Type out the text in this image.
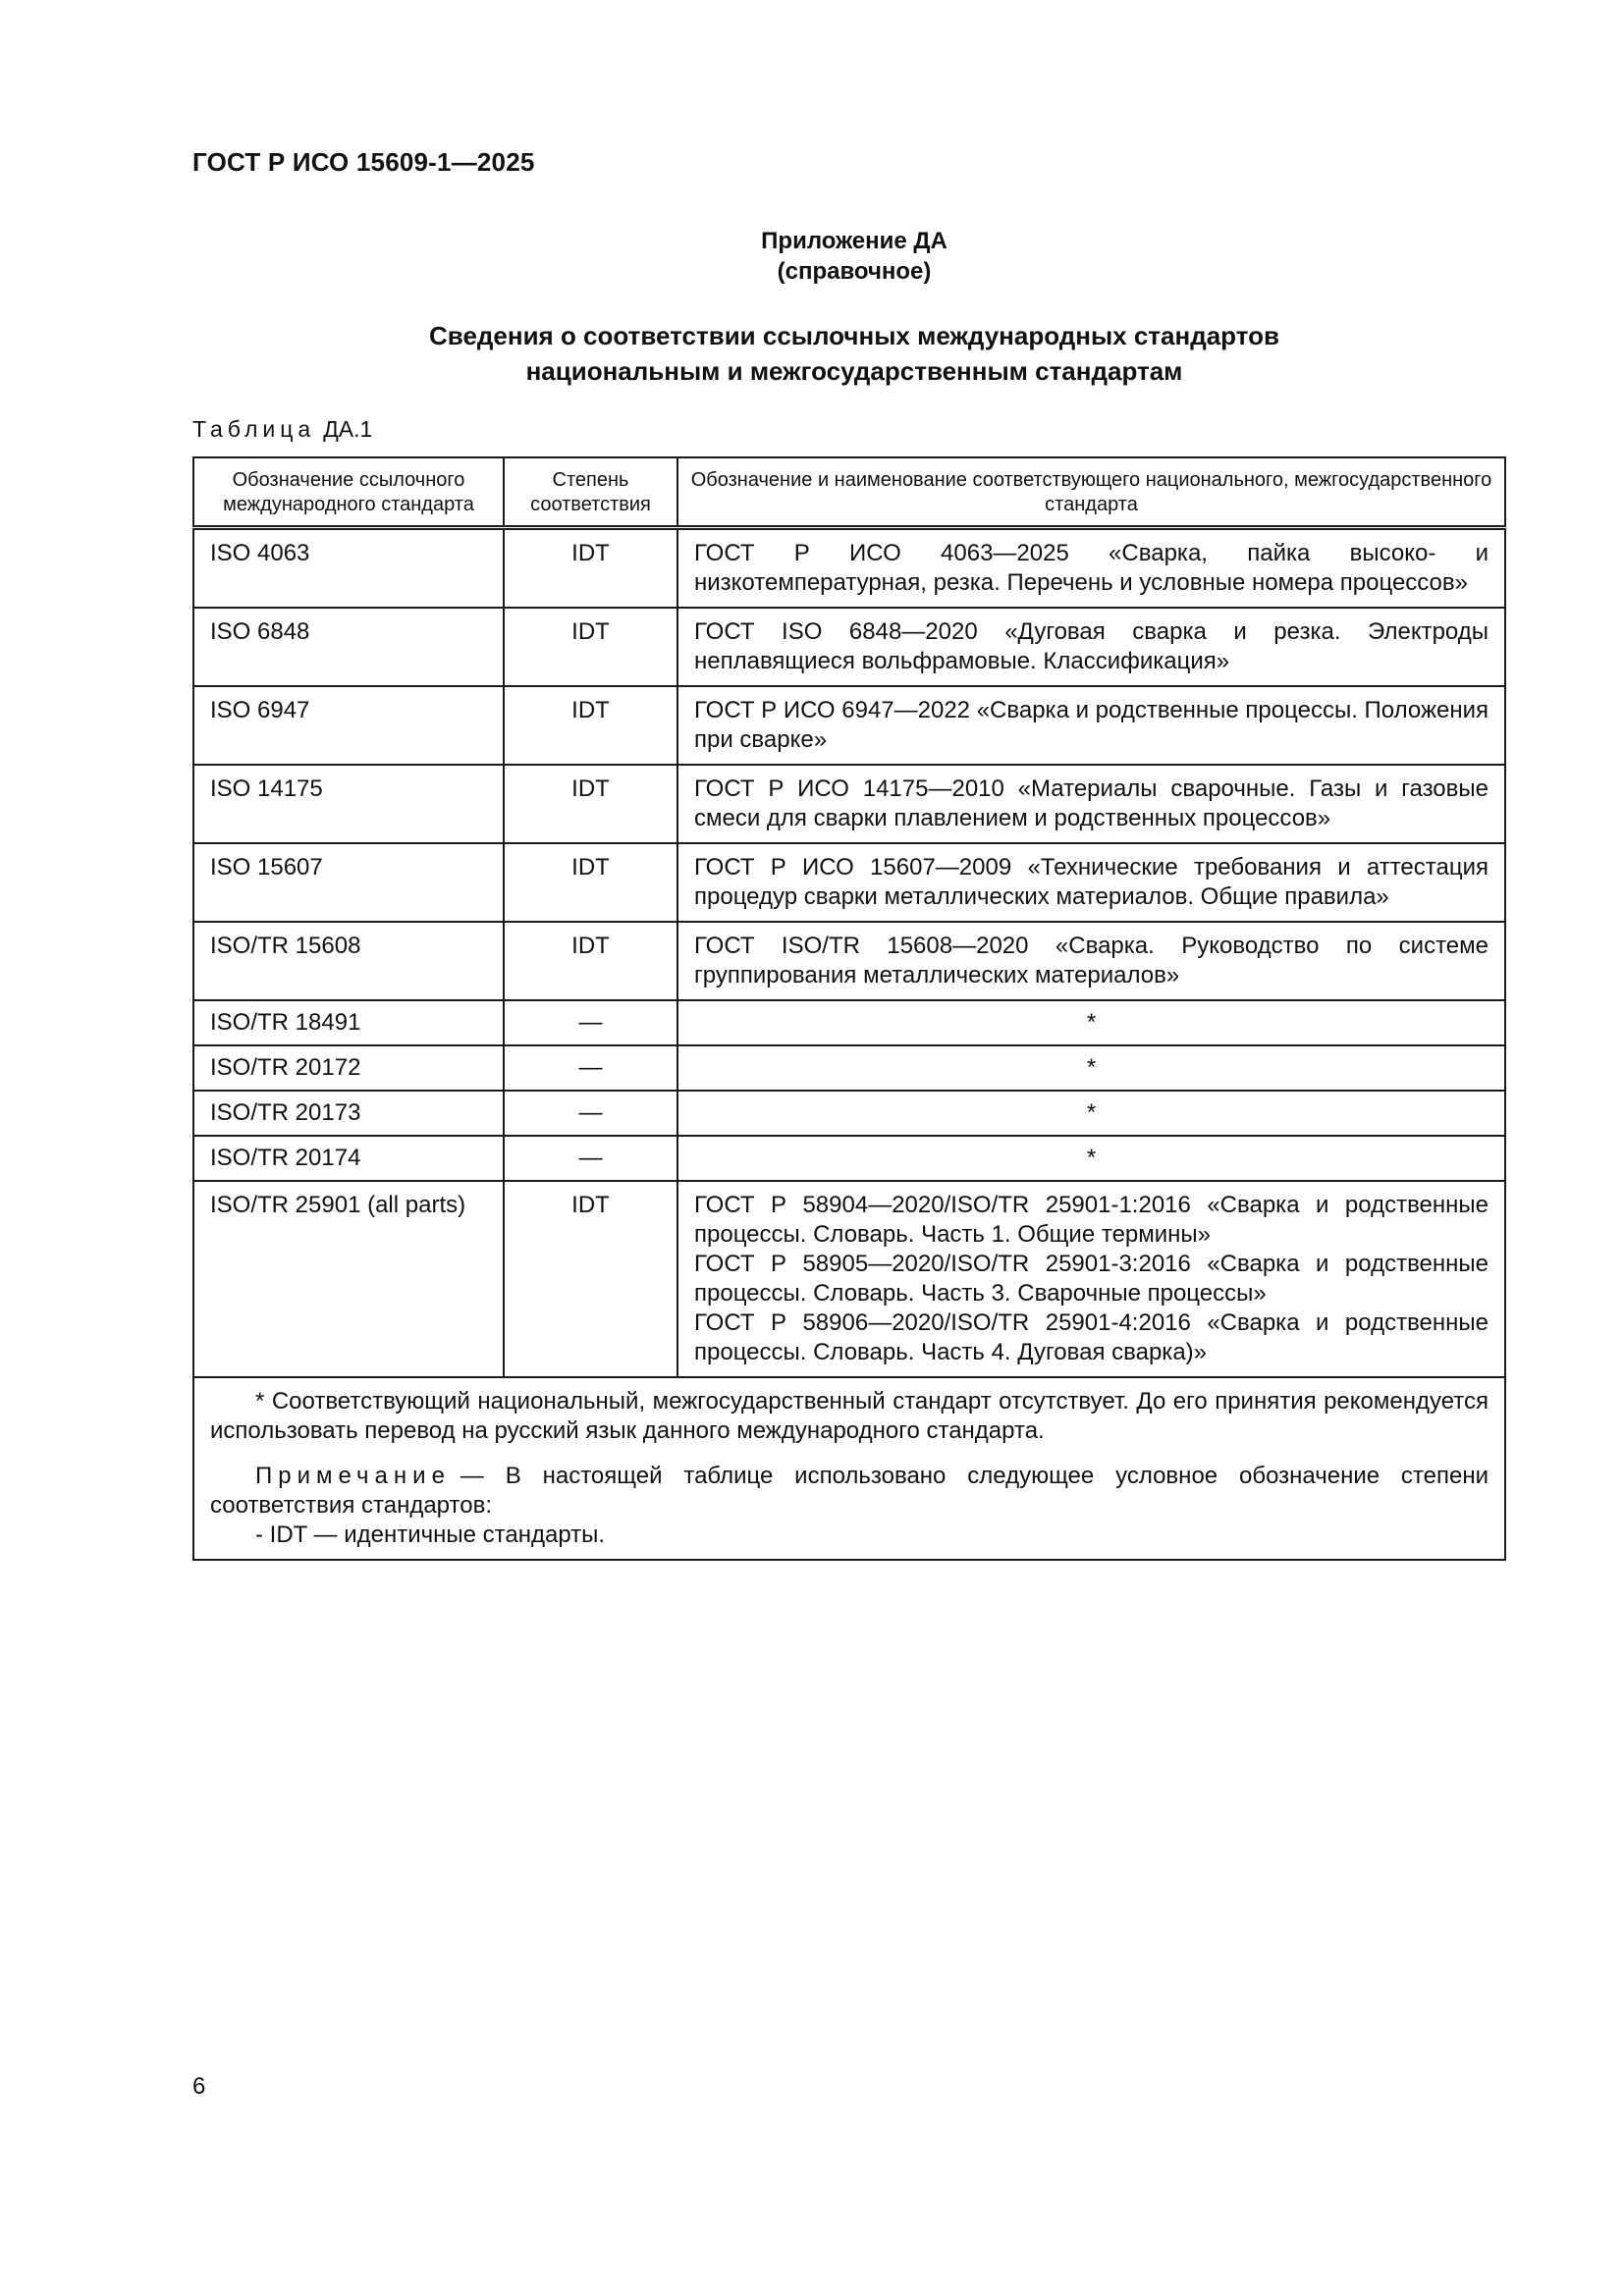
ГОСТ Р ИСО 15609-1—2025
Приложение ДА
(справочное)
Сведения о соответствии ссылочных международных стандартов
национальным и межгосударственным стандартам
Таблица ДА.1
Обозначение ссылочного международного стандарта	Степень соответствия	Обозначение и наименование соответствующего национального, межгосударственного стандарта
ISO 4063	IDT	ГОСТ Р ИСО 4063—2025 «Сварка, пайка высоко- и низкотемпературная, резка. Перечень и условные номера процессов»
ISO 6848	IDT	ГОСТ ISO 6848—2020 «Дуговая сварка и резка. Электроды неплавящиеся вольфрамовые. Классификация»
ISO 6947	IDT	ГОСТ Р ИСО 6947—2022 «Сварка и родственные процессы. Положения при сварке»
ISO 14175	IDT	ГОСТ Р ИСО 14175—2010 «Материалы сварочные. Газы и газовые смеси для сварки плавлением и родственных процессов»
ISO 15607	IDT	ГОСТ Р ИСО 15607—2009 «Технические требования и аттестация процедур сварки металлических материалов. Общие правила»
ISO/TR 15608	IDT	ГОСТ ISO/TR 15608—2020 «Сварка. Руководство по системе группирования металлических материалов»
ISO/TR 18491	—	*
ISO/TR 20172	—	*
ISO/TR 20173	—	*
ISO/TR 20174	—	*
ISO/TR 25901 (all parts)	IDT	ГОСТ Р 58904—2020/ISO/TR 25901-1:2016 «Сварка и родственные процессы. Словарь. Часть 1. Общие термины»
ГОСТ Р 58905—2020/ISO/TR 25901-3:2016 «Сварка и родственные процессы. Словарь. Часть 3. Сварочные процессы»
ГОСТ Р 58906—2020/ISO/TR 25901-4:2016 «Сварка и родственные процессы. Словарь. Часть 4. Дуговая сварка)»

* Соответствующий национальный, межгосударственный стандарт отсутствует. До его принятия рекомендуется использовать перевод на русский язык данного международного стандарта.

Примечание — В настоящей таблице использовано следующее условное обозначение степени соответствия стандартов:

- IDT — идентичные стандарты.		

6
